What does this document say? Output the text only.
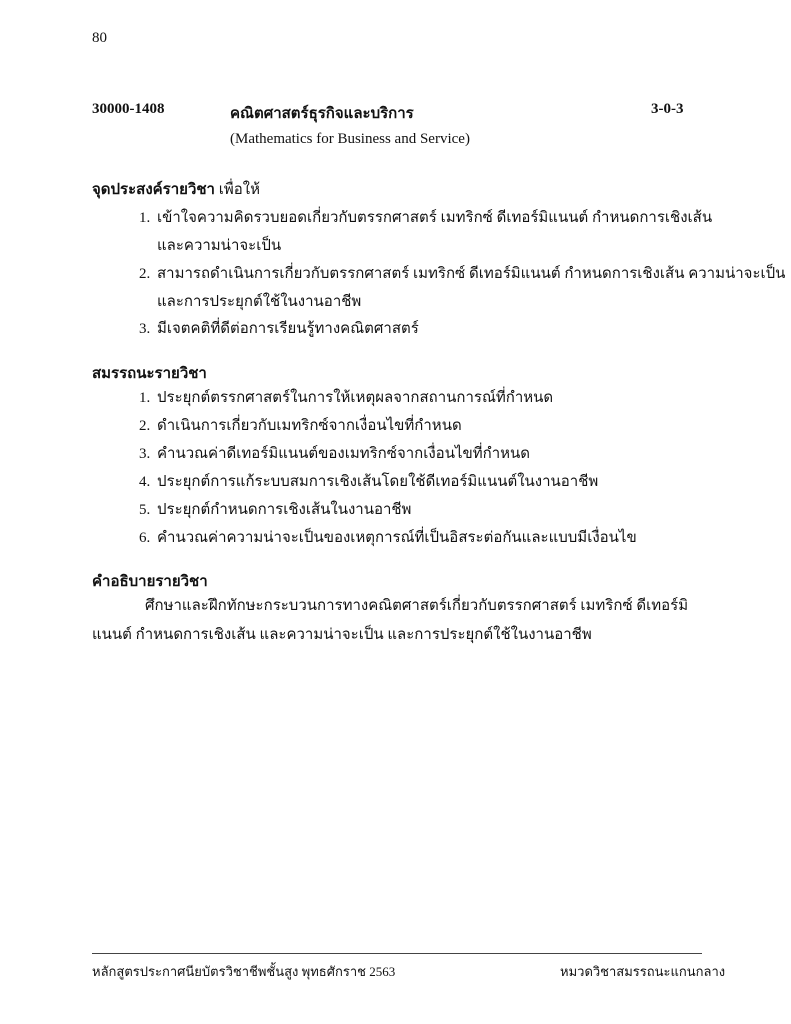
80
30000-1408	คณิตศาสตร์ธุรกิจและบริการ	3-0-3
(Mathematics for Business and Service)
จุดประสงค์รายวิชา เพื่อให้
1. เข้าใจความคิดรวบยอดเกี่ยวกับตรรกศาสตร์ เมทริกซ์ ดีเทอร์มิแนนต์ กำหนดการเชิงเส้น
และความน่าจะเป็น
2. สามารถดำเนินการเกี่ยวกับตรรกศาสตร์ เมทริกซ์ ดีเทอร์มิแนนต์ กำหนดการเชิงเส้น ความน่าจะเป็น
และการประยุกต์ใช้ในงานอาชีพ
3. มีเจตคติที่ดีต่อการเรียนรู้ทางคณิตศาสตร์
สมรรถนะรายวิชา
1. ประยุกต์ตรรกศาสตร์ในการให้เหตุผลจากสถานการณ์ที่กำหนด
2. ดำเนินการเกี่ยวกับเมทริกซ์จากเงื่อนไขที่กำหนด
3. คำนวณค่าดีเทอร์มิแนนต์ของเมทริกซ์จากเงื่อนไขที่กำหนด
4. ประยุกต์การแก้ระบบสมการเชิงเส้นโดยใช้ดีเทอร์มิแนนต์ในงานอาชีพ
5. ประยุกต์กำหนดการเชิงเส้นในงานอาชีพ
6. คำนวณค่าความน่าจะเป็นของเหตุการณ์ที่เป็นอิสระต่อกันและแบบมีเงื่อนไข
คำอธิบายรายวิชา
ศึกษาและฝึกทักษะกระบวนการทางคณิตศาสตร์เกี่ยวกับตรรกศาสตร์ เมทริกซ์ ดีเทอร์มิแนนต์ กำหนดการเชิงเส้น และความน่าจะเป็น และการประยุกต์ใช้ในงานอาชีพ
หลักสูตรประกาศนียบัตรวิชาชีพชั้นสูง พุทธศักราช 2563	หมวดวิชาสมรรถนะแกนกลาง
